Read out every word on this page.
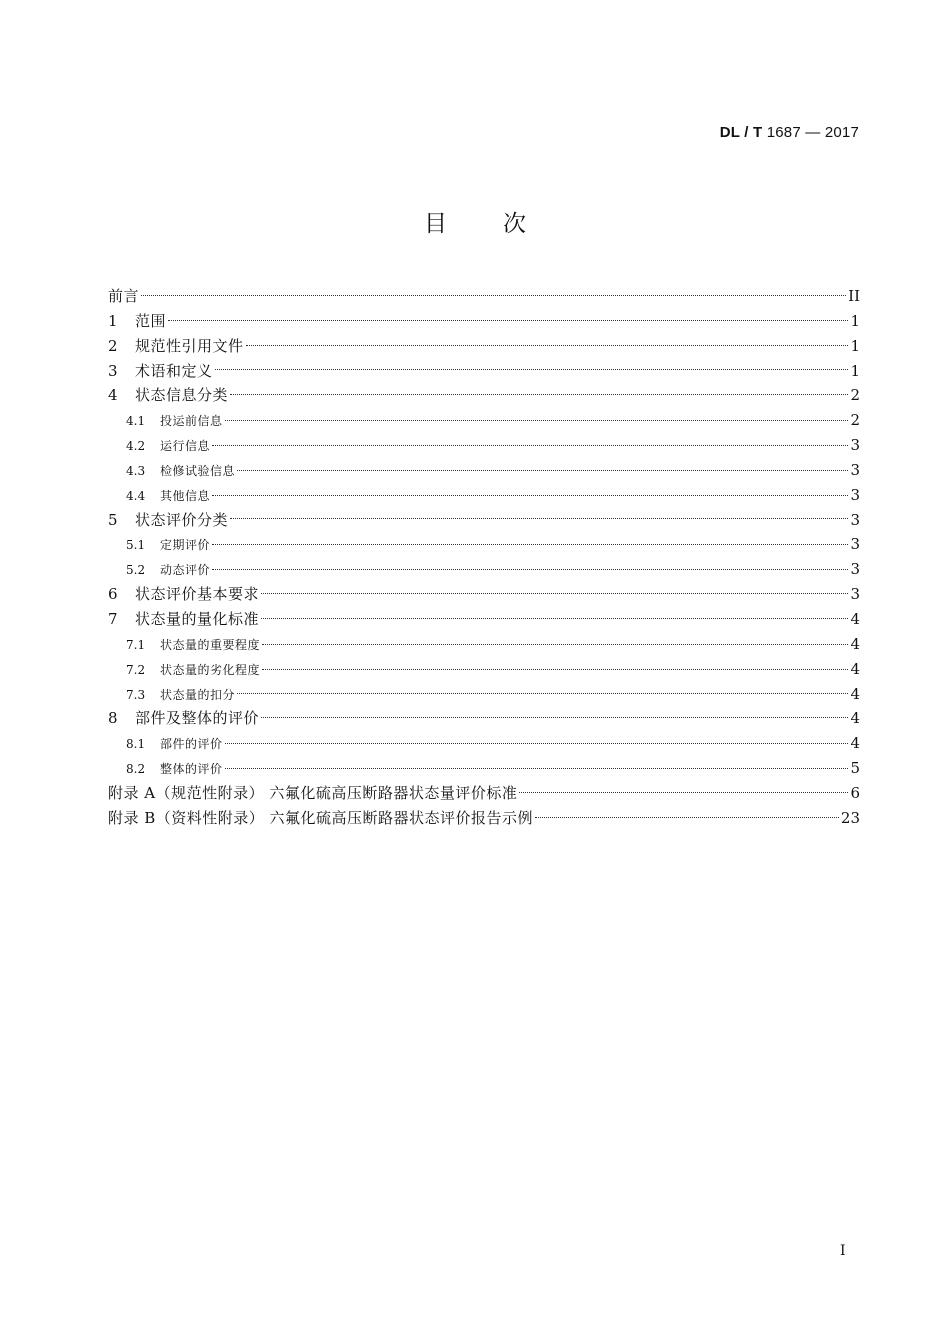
DL / T 1687 — 2017
目 次
前言	II
1	范围	1
2	规范性引用文件	1
3	术语和定义	1
4	状态信息分类	2
4.1	投运前信息	2
4.2	运行信息	3
4.3	检修试验信息	3
4.4	其他信息	3
5	状态评价分类	3
5.1	定期评价	3
5.2	动态评价	3
6	状态评价基本要求	3
7	状态量的量化标准	4
7.1	状态量的重要程度	4
7.2	状态量的劣化程度	4
7.3	状态量的扣分	4
8	部件及整体的评价	4
8.1	部件的评价	4
8.2	整体的评价	5
附录 A（规范性附录） 六氟化硫高压断路器状态量评价标准	6
附录 B（资料性附录） 六氟化硫高压断路器状态评价报告示例	23
I
